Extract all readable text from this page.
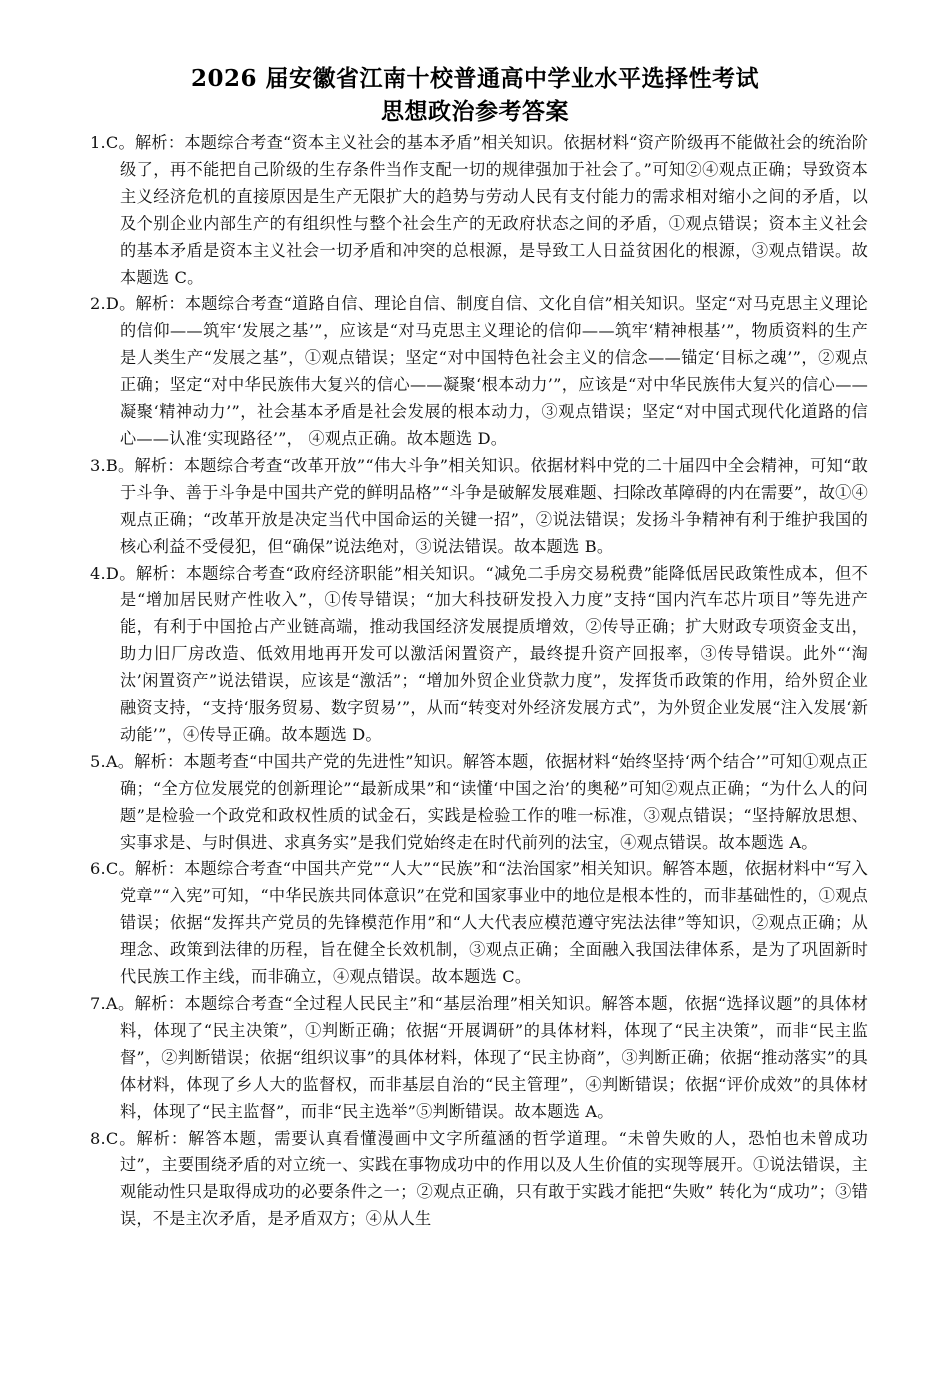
2026 届安徽省江南十校普通高中学业水平选择性考试
思想政治参考答案

1.C。解析：本题综合考查“资本主义社会的基本矛盾”相关知识。依据材料“资产阶级再不能做社会的统治阶级了，再不能把自己阶级的生存条件当作支配一切的规律强加于社会了。”可知②④观点正确；导致资本主义经济危机的直接原因是生产无限扩大的趋势与劳动人民有支付能力的需求相对缩小之间的矛盾，以及个别企业内部生产的有组织性与整个社会生产的无政府状态之间的矛盾，①观点错误；资本主义社会的基本矛盾是资本主义社会一切矛盾和冲突的总根源，是导致工人日益贫困化的根源，③观点错误。故本题选 C。

2.D。解析：本题综合考查“道路自信、理论自信、制度自信、文化自信”相关知识。坚定“对马克思主义理论的信仰——筑牢‘发展之基’”，应该是“对马克思主义理论的信仰——筑牢‘精神根基’”，物质资料的生产是人类生产“发展之基”，①观点错误；坚定“对中国特色社会主义的信念——锚定‘目标之魂’”，②观点正确；坚定“对中华民族伟大复兴的信心——凝聚‘根本动力’”，应该是“对中华民族伟大复兴的信心——凝聚‘精神动力’”，社会基本矛盾是社会发展的根本动力，③观点错误；坚定“对中国式现代化道路的信心——认准‘实现路径’”， ④观点正确。故本题选 D。

3.B。解析：本题综合考查“改革开放”“伟大斗争”相关知识。依据材料中党的二十届四中全会精神，可知“敢于斗争、善于斗争是中国共产党的鲜明品格”“斗争是破解发展难题、扫除改革障碍的内在需要”，故①④观点正确；“改革开放是决定当代中国命运的关键一招”，②说法错误；发扬斗争精神有利于维护我国的核心利益不受侵犯，但“确保”说法绝对，③说法错误。故本题选 B。

4.D。解析：本题综合考查“政府经济职能”相关知识。“减免二手房交易税费”能降低居民政策性成本，但不是“增加居民财产性收入”，①传导错误；“加大科技研发投入力度”支持“国内汽车芯片项目”等先进产能，有利于中国抢占产业链高端，推动我国经济发展提质增效，②传导正确；扩大财政专项资金支出，助力旧厂房改造、低效用地再开发可以激活闲置资产，最终提升资产回报率，③传导错误。此外“‘淘汰’闲置资产”说法错误，应该是“激活”；“增加外贸企业贷款力度”，发挥货币政策的作用，给外贸企业融资支持，“支持‘服务贸易、数字贸易’”，从而“转变对外经济发展方式”，为外贸企业发展“注入发展‘新动能’”，④传导正确。故本题选 D。

5.A。解析：本题考查“中国共产党的先进性”知识。解答本题，依据材料“始终坚持‘两个结合’”可知①观点正确；“全方位发展党的创新理论”“最新成果”和“读懂‘中国之治’的奥秘”可知②观点正确；“为什么人的问题”是检验一个政党和政权性质的试金石，实践是检验工作的唯一标准，③观点错误；“坚持解放思想、实事求是、与时俱进、求真务实”是我们党始终走在时代前列的法宝，④观点错误。故本题选 A。

6.C。解析：本题综合考查“中国共产党”“人大”“民族”和“法治国家”相关知识。解答本题，依据材料中“写入党章”“入宪”可知，“中华民族共同体意识”在党和国家事业中的地位是根本性的，而非基础性的，①观点错误；依据“发挥共产党员的先锋模范作用”和“人大代表应模范遵守宪法法律”等知识，②观点正确；从理念、政策到法律的历程，旨在健全长效机制，③观点正确；全面融入我国法律体系，是为了巩固新时代民族工作主线，而非确立，④观点错误。故本题选 C。

7.A。解析：本题综合考查“全过程人民民主”和“基层治理”相关知识。解答本题，依据“选择议题”的具体材料，体现了“民主决策”，①判断正确；依据“开展调研”的具体材料，体现了“民主决策”，而非“民主监督”，②判断错误；依据“组织议事”的具体材料，体现了“民主协商”，③判断正确；依据“推动落实”的具体材料，体现了乡人大的监督权，而非基层自治的“民主管理”，④判断错误；依据“评价成效”的具体材料，体现了“民主监督”，而非“民主选举”⑤判断错误。故本题选 A。

8.C。解析：解答本题，需要认真看懂漫画中文字所蕴涵的哲学道理。“未曾失败的人，恐怕也未曾成功过”，主要围绕矛盾的对立统一、实践在事物成功中的作用以及人生价值的实现等展开。①说法错误，主观能动性只是取得成功的必要条件之一；②观点正确，只有敢于实践才能把“失败” 转化为“成功”；③错误，不是主次矛盾，是矛盾双方；④从人生
